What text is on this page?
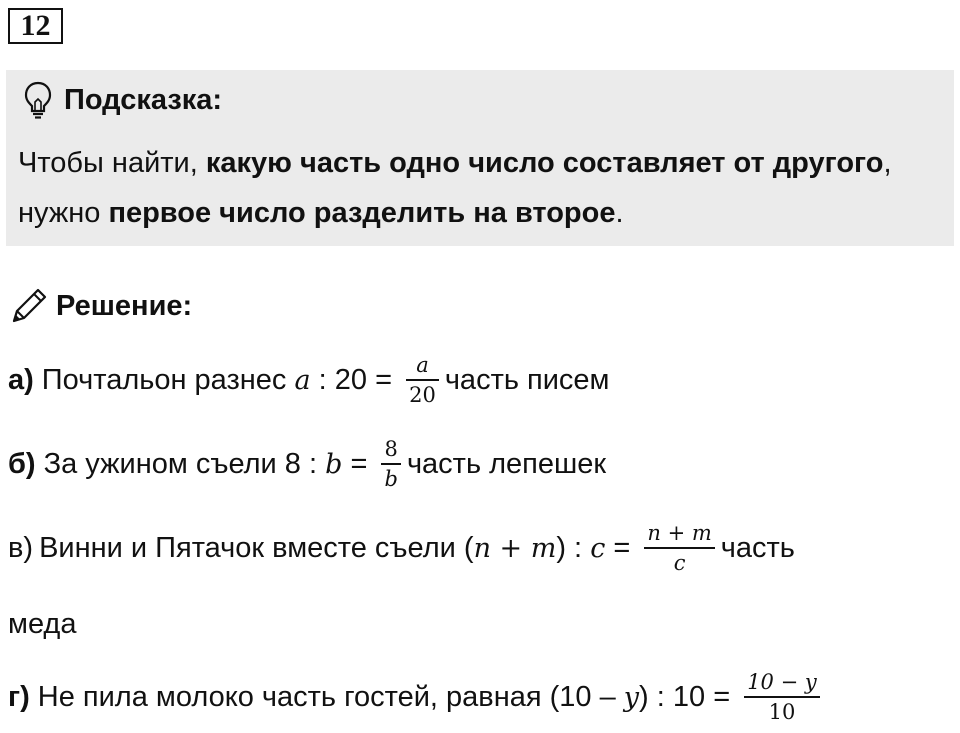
12
Подсказка:
Чтобы найти, какую часть одно число составляет от другого, нужно первое число разделить на второе.
Решение:
а) Почтальон разнес a : $20 = \frac{a}{20}$ часть писем
б) За ужином съели 8 : $b = \frac{8}{b}$ часть лепешек
в) Винни и Пятачок вместе съели ( n + m ) : $c = \frac{n + m}{c}$ часть
меда
г) Не пила молоко часть гостей, равная (10 – y ) : $10 = \frac{10 - y}{10}$
